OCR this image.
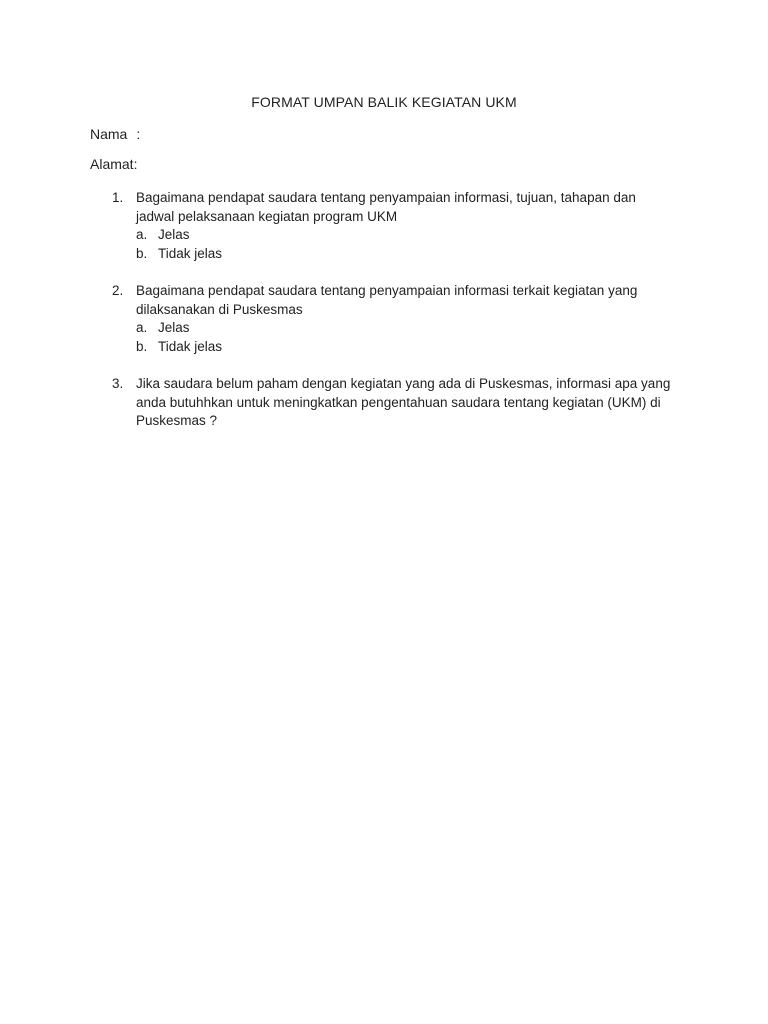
FORMAT UMPAN BALIK KEGIATAN UKM
Nama :
Alamat:
1. Bagaimana pendapat saudara tentang penyampaian informasi, tujuan, tahapan dan jadwal pelaksanaan kegiatan program UKM
a. Jelas
b. Tidak jelas
2. Bagaimana pendapat saudara tentang penyampaian informasi terkait kegiatan yang dilaksanakan di Puskesmas
a. Jelas
b. Tidak jelas
3. Jika saudara belum paham dengan kegiatan yang ada di Puskesmas, informasi apa yang anda butuhhkan untuk meningkatkan pengentahuan saudara tentang kegiatan (UKM) di Puskesmas ?
